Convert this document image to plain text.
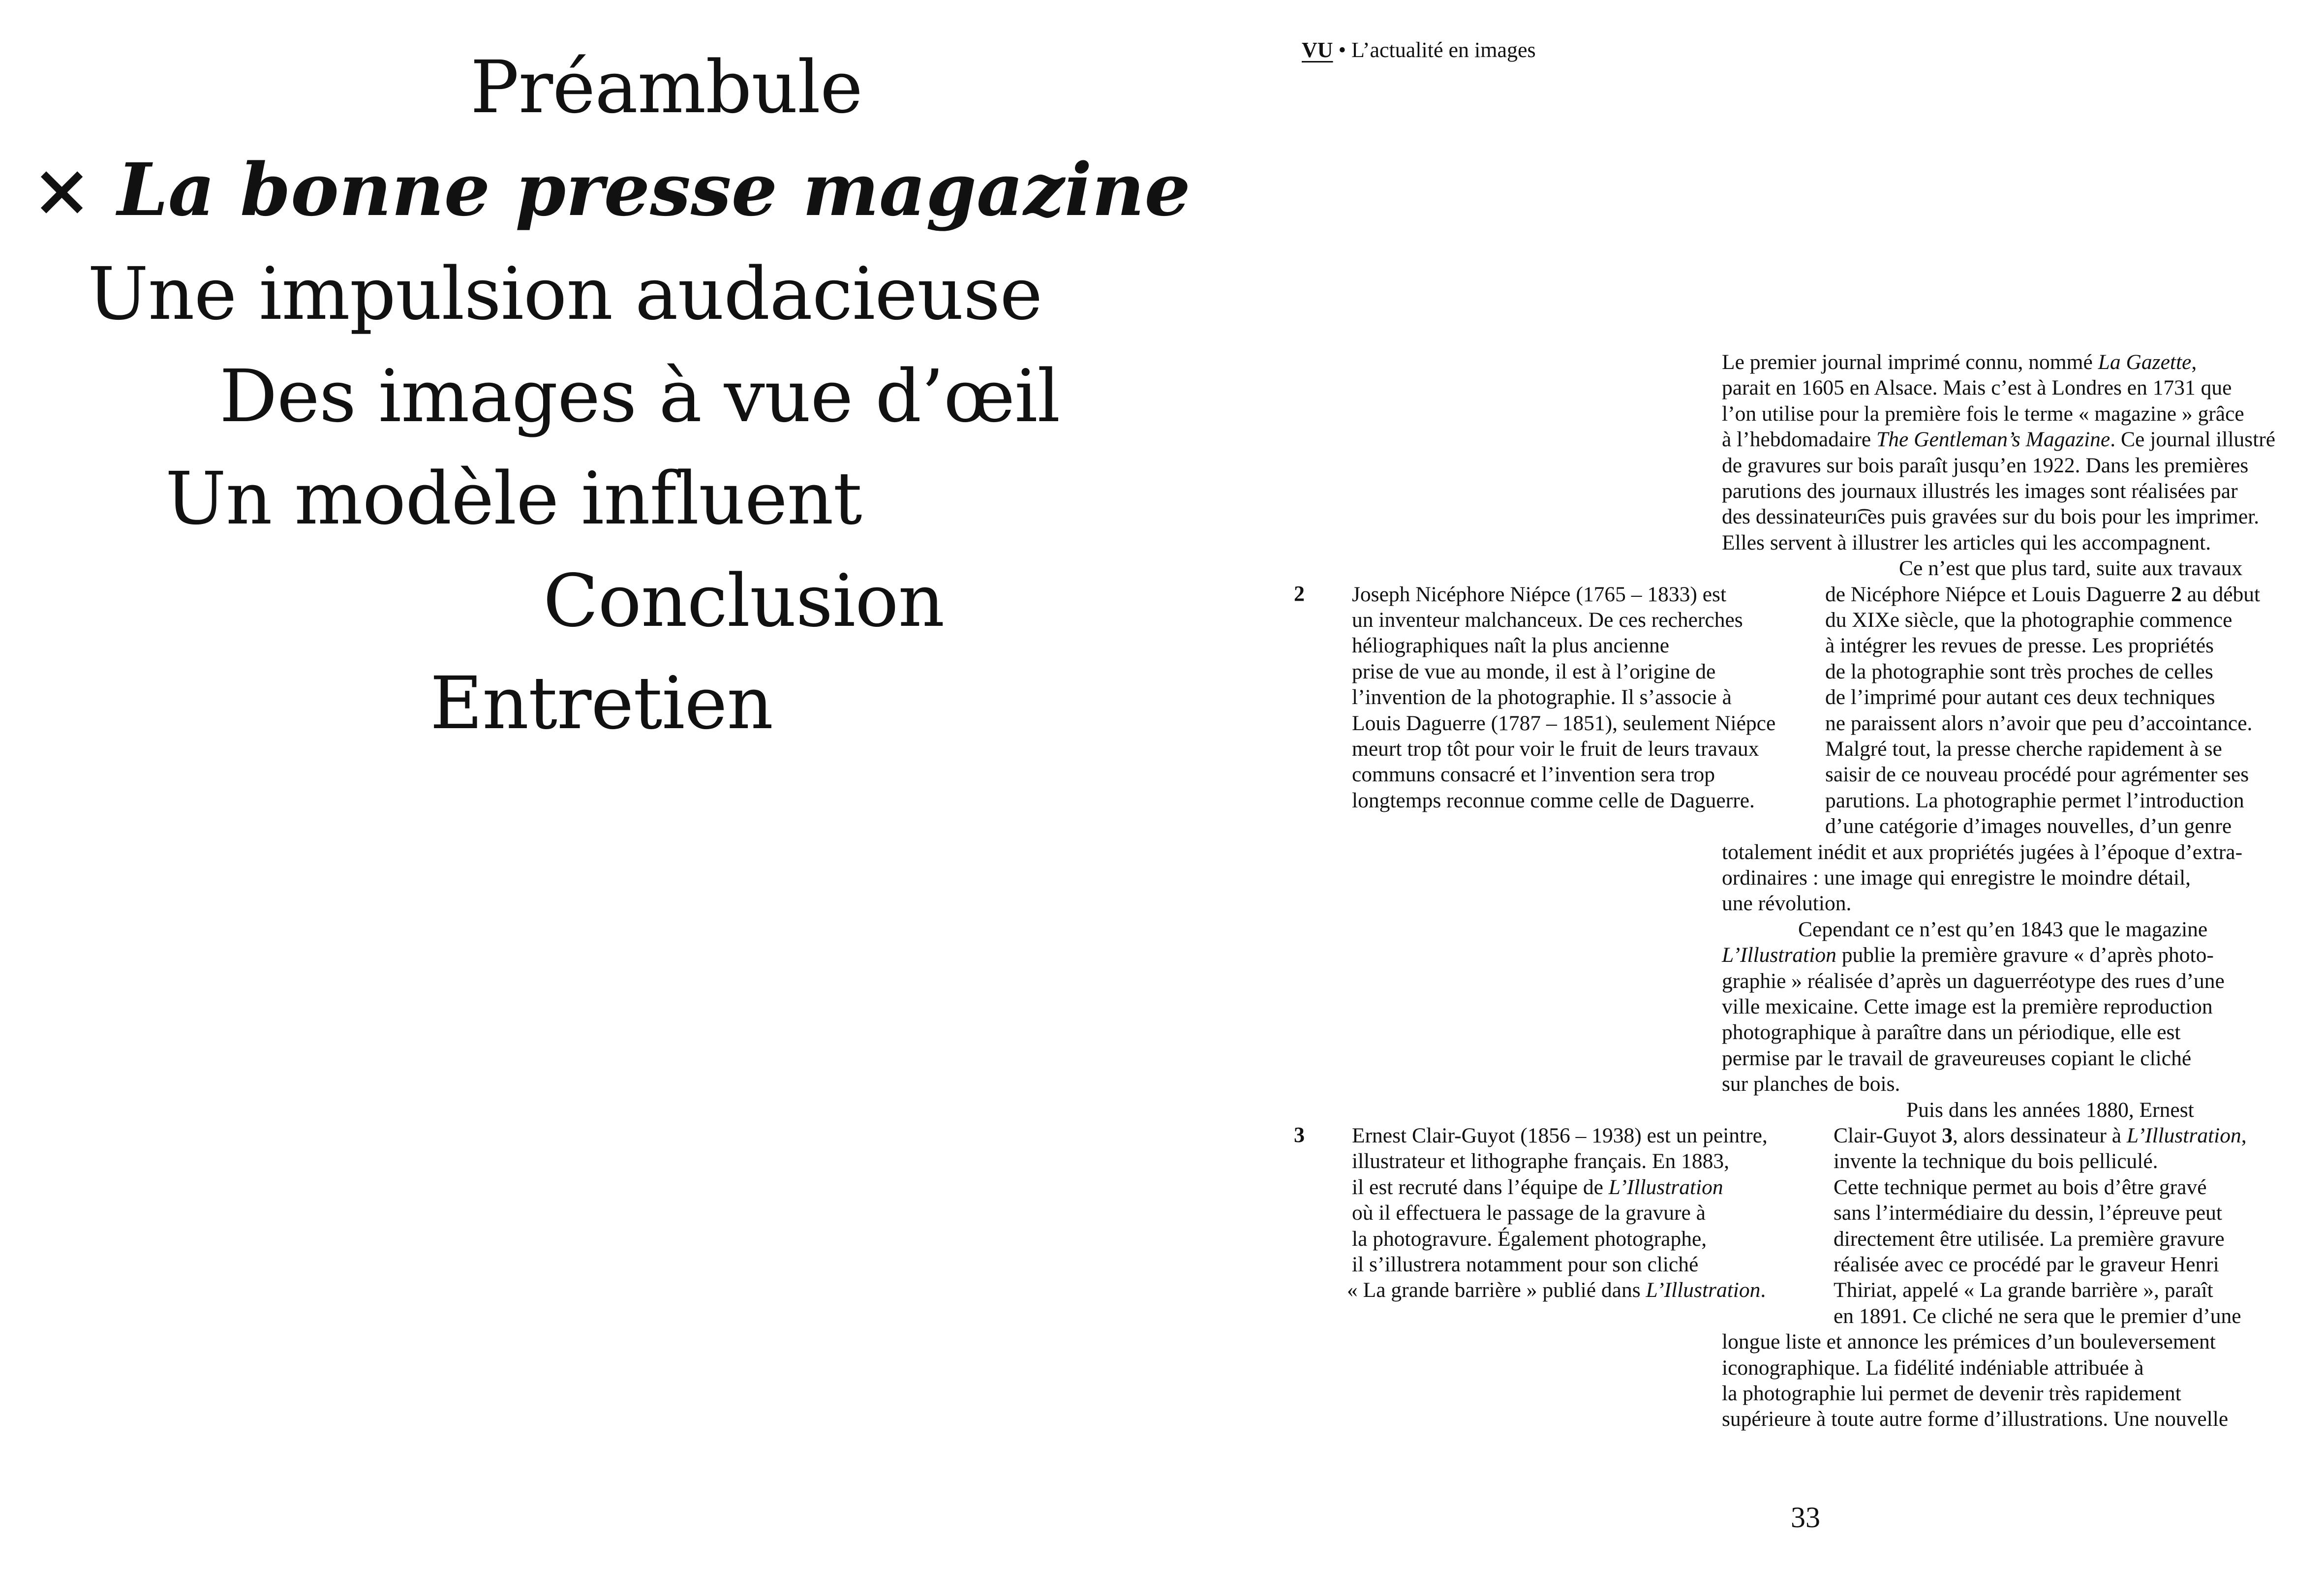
Préambule
× La bonne presse magazine
Une impulsion audacieuse
Des images à vue d’œil
Un modèle influent
Conclusion
Entretien
VU • L’actualité en images
Le premier journal imprimé connu, nommé La Gazette,
parait en 1605 en Alsace. Mais c’est à Londres en 1731 que
l’on utilise pour la première fois le terme « magazine » grâce
à l’hebdomadaire The Gentleman’s Magazine. Ce journal illustré
de gravures sur bois paraît jusqu’en 1922. Dans les premières
parutions des journaux illustrés les images sont réalisées par
des dessinateurı͡ces puis gravées sur du bois pour les imprimer.
Elles servent à illustrer les articles qui les accompagnent.
Ce n’est que plus tard, suite aux travaux
de Nicéphore Niépce et Louis Daguerre 2 au début
du XIXe siècle, que la photographie commence
à intégrer les revues de presse. Les propriétés
de la photographie sont très proches de celles
de l’imprimé pour autant ces deux techniques
ne paraissent alors n’avoir que peu d’accointance.
Malgré tout, la presse cherche rapidement à se
saisir de ce nouveau procédé pour agrémenter ses
parutions. La photographie permet l’introduction
d’une catégorie d’images nouvelles, d’un genre
totalement inédit et aux propriétés jugées à l’époque d’extra-
ordinaires : une image qui enregistre le moindre détail,
une révolution.
Cependant ce n’est qu’en 1843 que le magazine
L’Illustration publie la première gravure « d’après photo-
graphie » réalisée d’après un daguerréotype des rues d’une
ville mexicaine. Cette image est la première reproduction
photographique à paraître dans un périodique, elle est
permise par le travail de graveureuses copiant le cliché
sur planches de bois.
Puis dans les années 1880, Ernest
Clair-Guyot 3, alors dessinateur à L’Illustration,
invente la technique du bois pelliculé.
Cette technique permet au bois d’être gravé
sans l’intermédiaire du dessin, l’épreuve peut
directement être utilisée. La première gravure
réalisée avec ce procédé par le graveur Henri
Thiriat, appelé « La grande barrière », paraît
en 1891. Ce cliché ne sera que le premier d’une
longue liste et annonce les prémices d’un bouleversement
iconographique. La fidélité indéniable attribuée à
la photographie lui permet de devenir très rapidement
supérieure à toute autre forme d’illustrations. Une nouvelle
2 Joseph Nicéphore Niépce (1765 – 1833) est
un inventeur malchanceux. De ces recherches
héliographiques naît la plus ancienne
prise de vue au monde, il est à l’origine de
l’invention de la photographie. Il s’associe à
Louis Daguerre (1787 – 1851), seulement Niépce
meurt trop tôt pour voir le fruit de leurs travaux
communs consacré et l’invention sera trop
longtemps reconnue comme celle de Daguerre.
3 Ernest Clair-Guyot (1856 – 1938) est un peintre,
illustrateur et lithographe français. En 1883,
il est recruté dans l’équipe de L’Illustration
où il effectuera le passage de la gravure à
la photogravure. Également photographe,
il s’illustrera notamment pour son cliché
« La grande barrière » publié dans L’Illustration.
33
